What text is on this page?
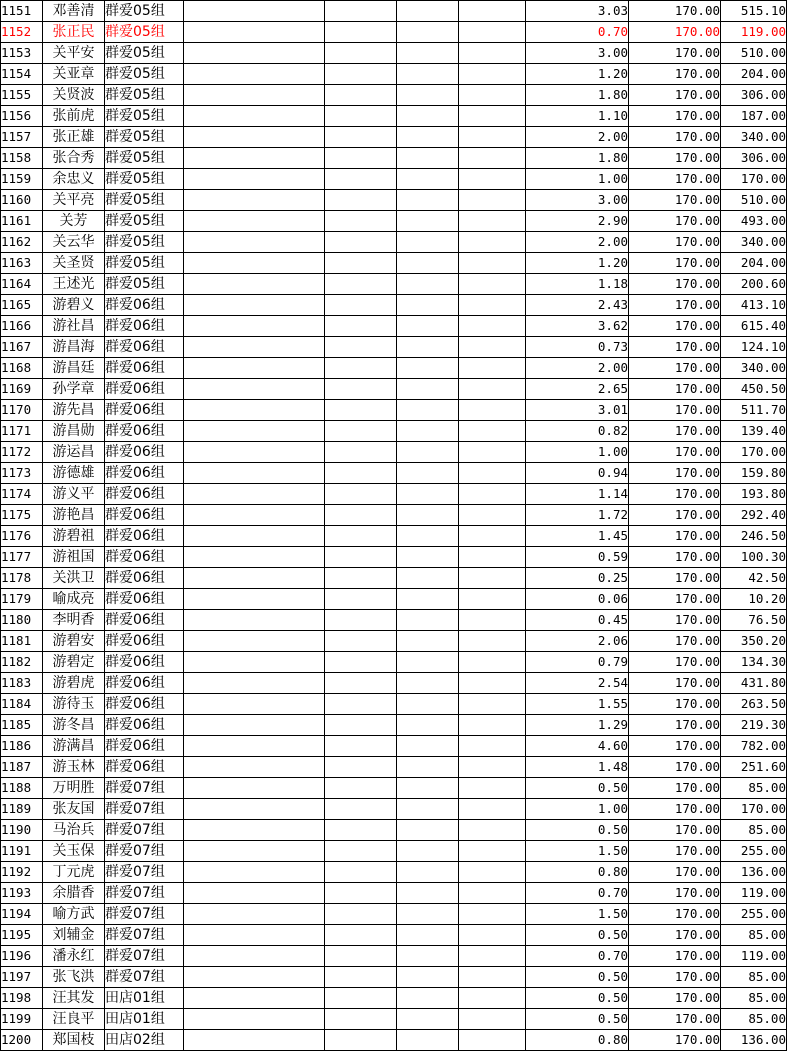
1151	邓善清	群爱05组					3.03	170.00	515.10
1152	张正民	群爱05组					0.70	170.00	119.00
1153	关平安	群爱05组					3.00	170.00	510.00
1154	关亚章	群爱05组					1.20	170.00	204.00
1155	关贤波	群爱05组					1.80	170.00	306.00
1156	张前虎	群爱05组					1.10	170.00	187.00
1157	张正雄	群爱05组					2.00	170.00	340.00
1158	张合秀	群爱05组					1.80	170.00	306.00
1159	余忠义	群爱05组					1.00	170.00	170.00
1160	关平亮	群爱05组					3.00	170.00	510.00
1161	关芳	群爱05组					2.90	170.00	493.00
1162	关云华	群爱05组					2.00	170.00	340.00
1163	关圣贤	群爱05组					1.20	170.00	204.00
1164	王述光	群爱05组					1.18	170.00	200.60
1165	游碧义	群爱06组					2.43	170.00	413.10
1166	游社昌	群爱06组					3.62	170.00	615.40
1167	游昌海	群爱06组					0.73	170.00	124.10
1168	游昌廷	群爱06组					2.00	170.00	340.00
1169	孙学章	群爱06组					2.65	170.00	450.50
1170	游先昌	群爱06组					3.01	170.00	511.70
1171	游昌勋	群爱06组					0.82	170.00	139.40
1172	游运昌	群爱06组					1.00	170.00	170.00
1173	游德雄	群爱06组					0.94	170.00	159.80
1174	游义平	群爱06组					1.14	170.00	193.80
1175	游艳昌	群爱06组					1.72	170.00	292.40
1176	游碧祖	群爱06组					1.45	170.00	246.50
1177	游祖国	群爱06组					0.59	170.00	100.30
1178	关洪卫	群爱06组					0.25	170.00	42.50
1179	喻成亮	群爱06组					0.06	170.00	10.20
1180	李明香	群爱06组					0.45	170.00	76.50
1181	游碧安	群爱06组					2.06	170.00	350.20
1182	游碧定	群爱06组					0.79	170.00	134.30
1183	游碧虎	群爱06组					2.54	170.00	431.80
1184	游待玉	群爱06组					1.55	170.00	263.50
1185	游冬昌	群爱06组					1.29	170.00	219.30
1186	游满昌	群爱06组					4.60	170.00	782.00
1187	游玉林	群爱06组					1.48	170.00	251.60
1188	万明胜	群爱07组					0.50	170.00	85.00
1189	张友国	群爱07组					1.00	170.00	170.00
1190	马治兵	群爱07组					0.50	170.00	85.00
1191	关玉保	群爱07组					1.50	170.00	255.00
1192	丁元虎	群爱07组					0.80	170.00	136.00
1193	余腊香	群爱07组					0.70	170.00	119.00
1194	喻方武	群爱07组					1.50	170.00	255.00
1195	刘辅金	群爱07组					0.50	170.00	85.00
1196	潘永红	群爱07组					0.70	170.00	119.00
1197	张飞洪	群爱07组					0.50	170.00	85.00
1198	汪其发	田店01组					0.50	170.00	85.00
1199	汪良平	田店01组					0.50	170.00	85.00
1200	郑国枝	田店02组					0.80	170.00	136.00
